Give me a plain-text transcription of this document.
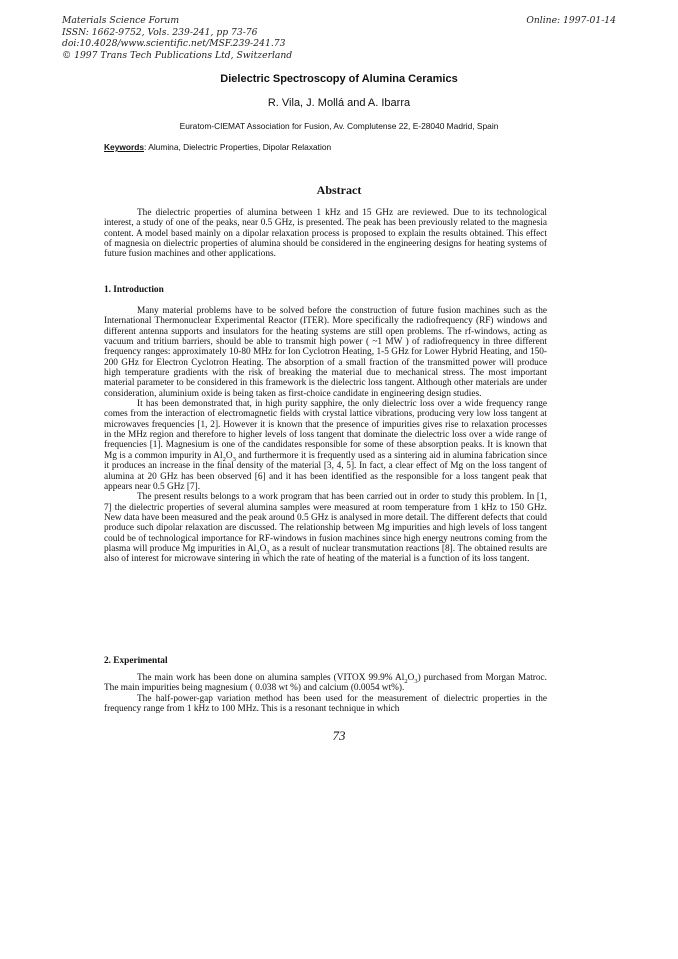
Materials Science Forum
ISSN: 1662-9752, Vols. 239-241, pp 73-76
doi:10.4028/www.scientific.net/MSF.239-241.73
© 1997 Trans Tech Publications Ltd, Switzerland
Online: 1997-01-14
Dielectric Spectroscopy of Alumina Ceramics
R. Vila, J. Mollá and A. Ibarra
Euratom-CIEMAT Association for Fusion, Av. Complutense 22, E-28040 Madrid, Spain
Keywords: Alumina, Dielectric Properties, Dipolar Relaxation
Abstract

The dielectric properties of alumina between 1 kHz and 15 GHz are reviewed. Due to its technological interest, a study of one of the peaks, near 0.5 GHz, is presented. The peak has been previously related to the magnesia content. A model based mainly on a dipolar relaxation process is proposed to explain the results obtained. This effect of magnesia on dielectric properties of alumina should be considered in the engineering designs for heating systems of future fusion machines and other applications.

1. Introduction

Many material problems have to be solved before the construction of future fusion machines such as the International Thermonuclear Experimental Reactor (ITER). More specifically the radiofrequency (RF) windows and different antenna supports and insulators for the heating systems are still open problems. The rf-windows, acting as vacuum and tritium barriers, should be able to transmit high power ( ~1 MW ) of radiofrequency in three different frequency ranges: approximately 10-80 MHz for Ion Cyclotron Heating, 1-5 GHz for Lower Hybrid Heating, and 150-200 GHz for Electron Cyclotron Heating. The absorption of a small fraction of the transmitted power will produce high temperature gradients with the risk of breaking the material due to mechanical stress. The most important material parameter to be considered in this framework is the dielectric loss tangent. Although other materials are under consideration, aluminium oxide is being taken as first-choice candidate in engineering design studies.

It has been demonstrated that, in high purity sapphire, the only dielectric loss over a wide frequency range comes from the interaction of electromagnetic fields with crystal lattice vibrations, producing very low loss tangent at microwaves frequencies [1, 2]. However it is known that the presence of impurities gives rise to relaxation processes in the MHz region and therefore to higher levels of loss tangent that dominate the dielectric loss over a wide range of frequencies [1]. Magnesium is one of the candidates responsible for some of these absorption peaks. It is known that Mg is a common impurity in $Al_2O_3$ and furthermore it is frequently used as a sintering aid in alumina fabrication since it produces an increase in the final density of the material [3, 4, 5]. In fact, a clear effect of Mg on the loss tangent of alumina at 20 GHz has been observed [6] and it has been identified as the responsible for a loss tangent peak that appears near 0.5 GHz [7].

The present results belongs to a work program that has been carried out in order to study this problem. In [1, 7] the dielectric properties of several alumina samples were measured at room temperature from 1 kHz to 150 GHz. New data have been measured and the peak around 0.5 GHz is analysed in more detail. The different defects that could produce such dipolar relaxation are discussed. The relationship between Mg impurities and high levels of loss tangent could be of technological importance for RF-windows in fusion machines since high energy neutrons coming from the plasma will produce Mg impurities in $Al_2O_3$ as a result of nuclear transmutation reactions [8]. The obtained results are also of interest for microwave sintering in which the rate of heating of the material is a function of its loss tangent.

2. Experimental

The main work has been done on alumina samples (VITOX 99.9% $Al_2O_3$) purchased from Morgan Matroc. The main impurities being magnesium ( 0.038 wt %) and calcium (0.0054 wt%).

The half-power-gap variation method has been used for the measurement of dielectric properties in the frequency range from 1 kHz to 100 MHz. This is a resonant technique in which

73
